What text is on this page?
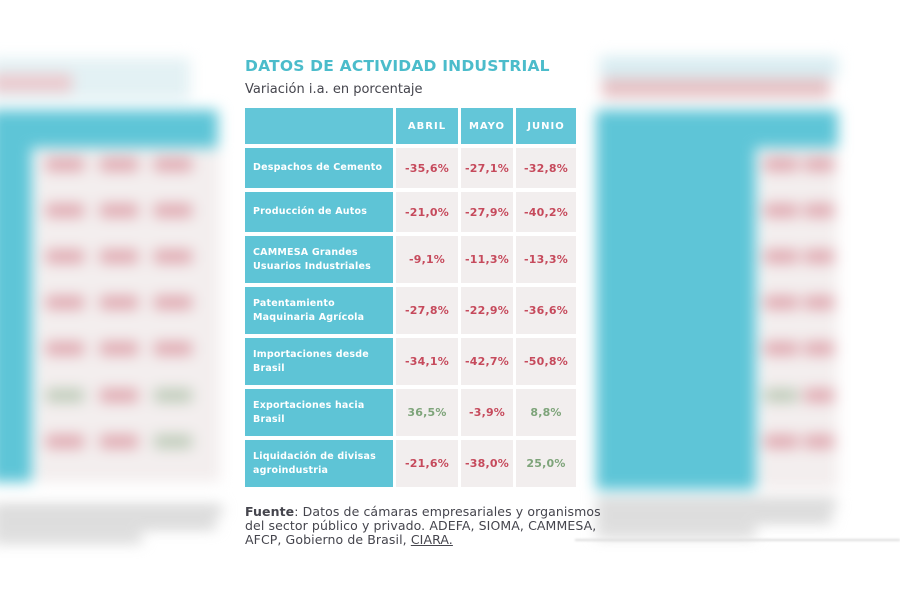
DATOS DE ACTIVIDAD INDUSTRIAL
Variación i.a. en porcentaje
ABRIL	MAYO	JUNIO
Despachos de Cemento	-35,6%	-27,1%	-32,8%
Producción de Autos	-21,0%	-27,9%	-40,2%
CAMMESA Grandes Usuarios Industriales	-9,1%	-11,3%	-13,3%
Patentamiento Maquinaria Agrícola	-27,8%	-22,9%	-36,6%
Importaciones desde Brasil	-34,1%	-42,7%	-50,8%
Exportaciones hacia Brasil	36,5%	-3,9%	8,8%
Liquidación de divisas agroindustria	-21,6%	-38,0%	25,0%
Fuente: Datos de cámaras empresariales y organismos del sector público y privado. ADEFA, SIOMA, CAMMESA, AFCP, Gobierno de Brasil, CIARA.
